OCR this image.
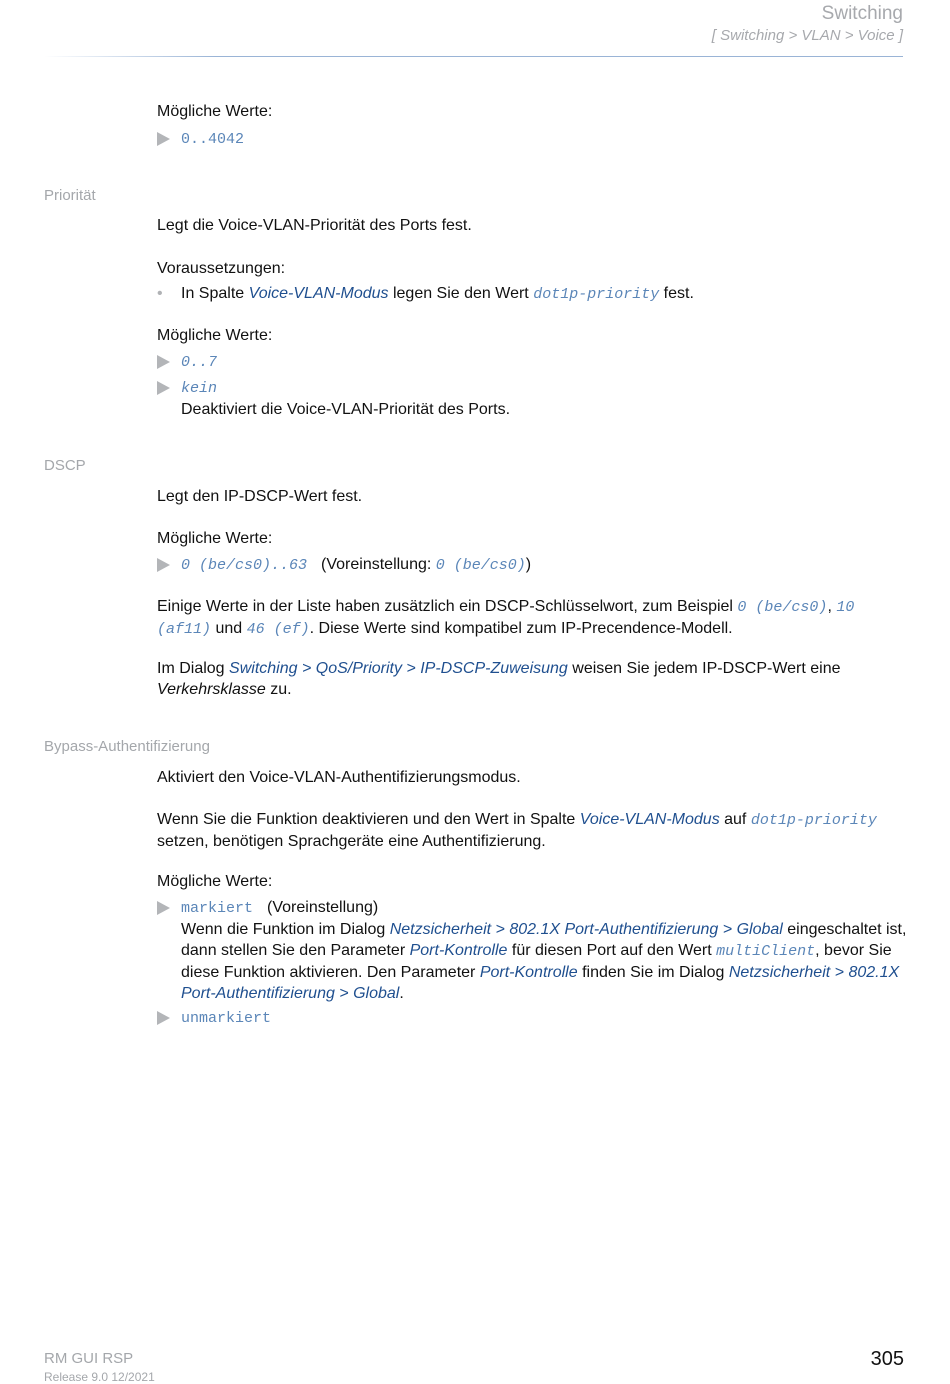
Switching
[ Switching > VLAN > Voice ]

Mögliche Werte:

0..4042
Priorität

Legt die Voice-VLAN-Priorität des Ports fest.

Voraussetzungen:

• In Spalte Voice-VLAN-Modus legen Sie den Wert dot1p-priority fest.

Mögliche Werte:

0..7
kein
Deaktiviert die Voice-VLAN-Priorität des Ports.
DSCP

Legt den IP-DSCP-Wert fest.

Mögliche Werte:

0 (be/cs0)..63 (Voreinstellung: 0 (be/cs0))

Einige Werte in der Liste haben zusätzlich ein DSCP-Schlüsselwort, zum Beispiel 0 (be/cs0), 10 (af11) und 46 (ef). Diese Werte sind kompatibel zum IP-Precendence-Modell.

Im Dialog Switching > QoS/Priority > IP-DSCP-Zuweisung weisen Sie jedem IP-DSCP-Wert eine Verkehrsklasse zu.

Bypass-Authentifizierung

Aktiviert den Voice-VLAN-Authentifizierungsmodus.

Wenn Sie die Funktion deaktivieren und den Wert in Spalte Voice-VLAN-Modus auf dot1p-priority setzen, benötigen Sprachgeräte eine Authentifizierung.

Mögliche Werte:

markiert (Voreinstellung)
Wenn die Funktion im Dialog Netzsicherheit > 802.1X Port-Authentifizierung > Global eingeschaltet ist, dann stellen Sie den Parameter Port-Kontrolle für diesen Port auf den Wert multiClient, bevor Sie diese Funktion aktivieren. Den Parameter Port-Kontrolle finden Sie im Dialog Netzsicherheit > 802.1X Port-Authentifizierung > Global.
unmarkiert
RM GUI RSP
Release 9.0 12/2021
305
